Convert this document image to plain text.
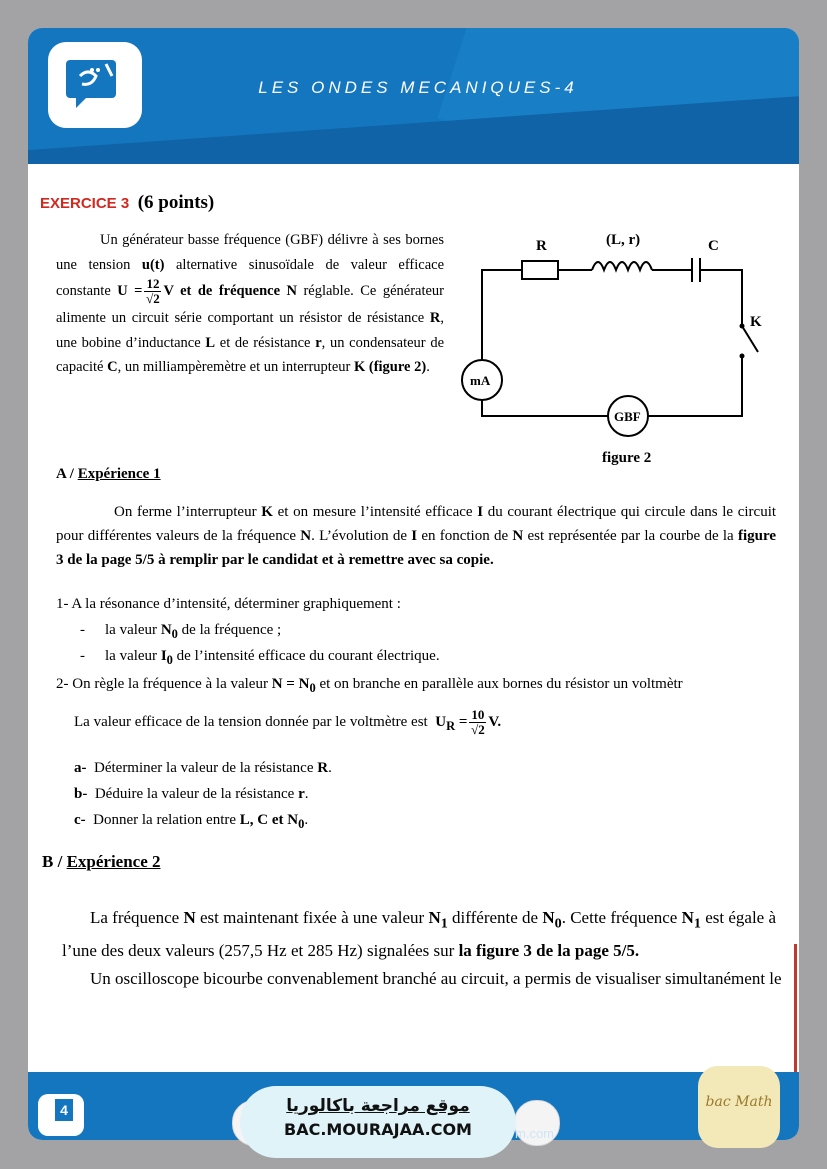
LES ONDES MECANIQUES-4
EXERCICE 3 (6 points)
Un générateur basse fréquence (GBF) délivre à ses bornes une tension u(t) alternative sinusoïdale de valeur efficace constante $U = \frac{12}{√2}$ V et de fréquence N réglable. Ce générateur alimente un circuit série comportant un résistor de résistance R, une bobine d’inductance L et de résistance r, un condensateur de capacité C, un milliampèremètre et un interrupteur K (figure 2).
R	(L, r)	C
K
mA
GBF
figure 2
A / Expérience 1
On ferme l’interrupteur K et on mesure l’intensité efficace I du courant électrique qui circule dans le circuit pour différentes valeurs de la fréquence N. L’évolution de I en fonction de N est représentée par la courbe de la figure 3 de la page 5/5 à remplir par le candidat et à remettre avec sa copie.
1- A la résonance d’intensité, déterminer graphiquement :
- la valeur $N_0$ de la fréquence ;
- la valeur $I_0$ de l’intensité efficace du courant électrique.
2- On règle la fréquence à la valeur $N = N_0$ et on branche en parallèle aux bornes du résistor un voltmètr
La valeur efficace de la tension donnée par le voltmètre est $U_R = \frac{10}{√2} V$.
a- Déterminer la valeur de la résistance R.
b- Déduire la valeur de la résistance r.
c- Donner la relation entre L, C et $N_0$.
B / Expérience 2
La fréquence N est maintenant fixée à une valeur $N_1$ différente de $N_0$. Cette fréquence $N_1$ est égale à
l’une des deux valeurs (257,5 Hz et 285 Hz) signalées sur la figure 3 de la page 5/5.
Un oscilloscope bicourbe convenablement branché au circuit, a permis de visualiser simultanément le
4	موقع مراجعة باكالوريا
BAC.MOURAJAA.COM	m.com
bac Math
